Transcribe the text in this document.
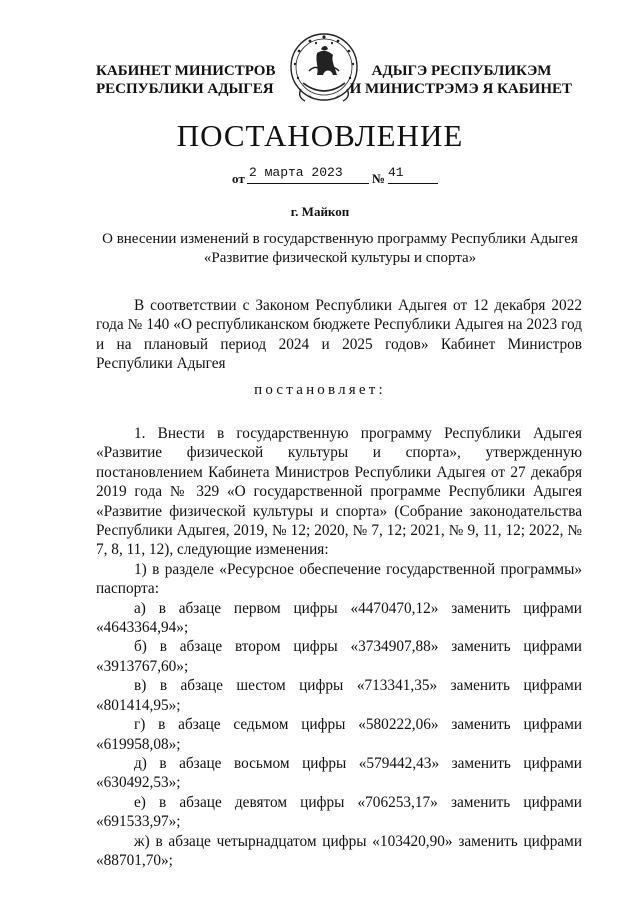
КАБИНЕТ МИНИСТРОВ
РЕСПУБЛИКИ АДЫГЕЯ
АДЫГЭ РЕСПУБЛИКЭМ
И МИНИСТРЭМЭ Я КАБИНЕТ
ПОСТАНОВЛЕНИЕ
от 2 марта 2023	№ 41
г. Майкоп
О внесении изменений в государственную программу Республики Адыгея
«Развитие физической культуры и спорта»
В соответствии с Законом Республики Адыгея от 12 декабря 2022 года № 140 «О республиканском бюджете Республики Адыгея на 2023 год и на плановый период 2024 и 2025 годов» Кабинет Министров Республики Адыгея
постановляет:
1. Внести в государственную программу Республики Адыгея «Развитие физической культуры и спорта», утвержденную постановлением Кабинета Министров Республики Адыгея от 27 декабря 2019 года № 329 «О государственной программе Республики Адыгея «Развитие физической культуры и спорта» (Собрание законодательства Республики Адыгея, 2019, № 12; 2020, № 7, 12; 2021, № 9, 11, 12; 2022, № 7, 8, 11, 12), следующие изменения:
1) в разделе «Ресурсное обеспечение государственной программы» паспорта:
а) в абзаце первом цифры «4470470,12» заменить цифрами
«4643364,94»;
б) в абзаце втором цифры «3734907,88» заменить цифрами
«3913767,60»;
в) в абзаце шестом цифры «713341,35» заменить цифрами
«801414,95»;
г) в абзаце седьмом цифры «580222,06» заменить цифрами
«619958,08»;
д) в абзаце восьмом цифры «579442,43» заменить цифрами
«630492,53»;
е) в абзаце девятом цифры «706253,17» заменить цифрами
«691533,97»;
ж) в абзаце четырнадцатом цифры «103420,90» заменить цифрами
«88701,70»;
